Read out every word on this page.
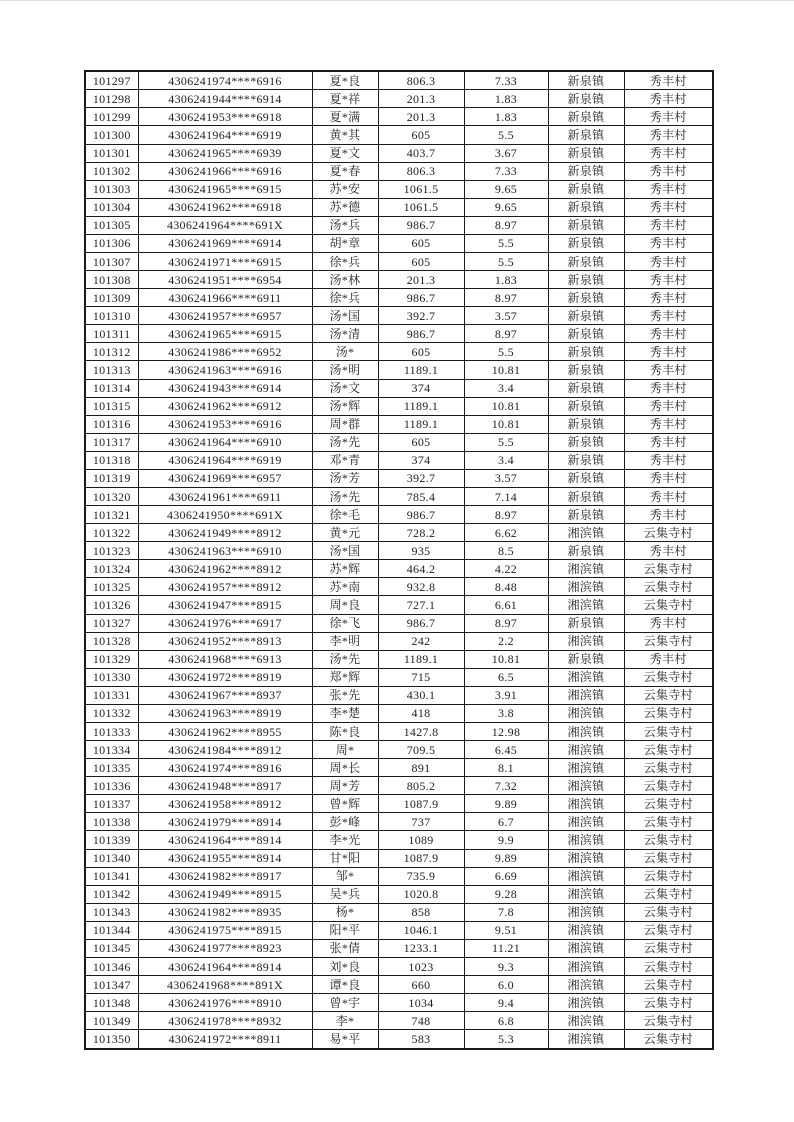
101297	4306241974****6916	夏*良	806.3	7.33	新泉镇	秀丰村
101298	4306241944****6914	夏*祥	201.3	1.83	新泉镇	秀丰村
101299	4306241953****6918	夏*满	201.3	1.83	新泉镇	秀丰村
101300	4306241964****6919	黄*其	605	5.5	新泉镇	秀丰村
101301	4306241965****6939	夏*文	403.7	3.67	新泉镇	秀丰村
101302	4306241966****6916	夏*春	806.3	7.33	新泉镇	秀丰村
101303	4306241965****6915	苏*安	1061.5	9.65	新泉镇	秀丰村
101304	4306241962****6918	苏*德	1061.5	9.65	新泉镇	秀丰村
101305	4306241964****691X	汤*兵	986.7	8.97	新泉镇	秀丰村
101306	4306241969****6914	胡*章	605	5.5	新泉镇	秀丰村
101307	4306241971****6915	徐*兵	605	5.5	新泉镇	秀丰村
101308	4306241951****6954	汤*林	201.3	1.83	新泉镇	秀丰村
101309	4306241966****6911	徐*兵	986.7	8.97	新泉镇	秀丰村
101310	4306241957****6957	汤*国	392.7	3.57	新泉镇	秀丰村
101311	4306241965****6915	汤*清	986.7	8.97	新泉镇	秀丰村
101312	4306241986****6952	汤*	605	5.5	新泉镇	秀丰村
101313	4306241963****6916	汤*明	1189.1	10.81	新泉镇	秀丰村
101314	4306241943****6914	汤*文	374	3.4	新泉镇	秀丰村
101315	4306241962****6912	汤*辉	1189.1	10.81	新泉镇	秀丰村
101316	4306241953****6916	周*群	1189.1	10.81	新泉镇	秀丰村
101317	4306241964****6910	汤*先	605	5.5	新泉镇	秀丰村
101318	4306241964****6919	邓*青	374	3.4	新泉镇	秀丰村
101319	4306241969****6957	汤*芳	392.7	3.57	新泉镇	秀丰村
101320	4306241961****6911	汤*先	785.4	7.14	新泉镇	秀丰村
101321	4306241950****691X	徐*毛	986.7	8.97	新泉镇	秀丰村
101322	4306241949****8912	黄*元	728.2	6.62	湘滨镇	云集寺村
101323	4306241963****6910	汤*国	935	8.5	新泉镇	秀丰村
101324	4306241962****8912	苏*辉	464.2	4.22	湘滨镇	云集寺村
101325	4306241957****8912	苏*南	932.8	8.48	湘滨镇	云集寺村
101326	4306241947****8915	周*良	727.1	6.61	湘滨镇	云集寺村
101327	4306241976****6917	徐*飞	986.7	8.97	新泉镇	秀丰村
101328	4306241952****8913	李*明	242	2.2	湘滨镇	云集寺村
101329	4306241968****6913	汤*先	1189.1	10.81	新泉镇	秀丰村
101330	4306241972****8919	郑*辉	715	6.5	湘滨镇	云集寺村
101331	4306241967****8937	张*先	430.1	3.91	湘滨镇	云集寺村
101332	4306241963****8919	李*楚	418	3.8	湘滨镇	云集寺村
101333	4306241962****8955	陈*良	1427.8	12.98	湘滨镇	云集寺村
101334	4306241984****8912	周*	709.5	6.45	湘滨镇	云集寺村
101335	4306241974****8916	周*长	891	8.1	湘滨镇	云集寺村
101336	4306241948****8917	周*芳	805.2	7.32	湘滨镇	云集寺村
101337	4306241958****8912	曾*辉	1087.9	9.89	湘滨镇	云集寺村
101338	4306241979****8914	彭*峰	737	6.7	湘滨镇	云集寺村
101339	4306241964****8914	李*光	1089	9.9	湘滨镇	云集寺村
101340	4306241955****8914	甘*阳	1087.9	9.89	湘滨镇	云集寺村
101341	4306241982****8917	邹*	735.9	6.69	湘滨镇	云集寺村
101342	4306241949****8915	吴*兵	1020.8	9.28	湘滨镇	云集寺村
101343	4306241982****8935	杨*	858	7.8	湘滨镇	云集寺村
101344	4306241975****8915	阳*平	1046.1	9.51	湘滨镇	云集寺村
101345	4306241977****8923	张*倩	1233.1	11.21	湘滨镇	云集寺村
101346	4306241964****8914	刘*良	1023	9.3	湘滨镇	云集寺村
101347	4306241968****891X	谭*良	660	6.0	湘滨镇	云集寺村
101348	4306241976****8910	曾*宇	1034	9.4	湘滨镇	云集寺村
101349	4306241978****8932	李*	748	6.8	湘滨镇	云集寺村
101350	4306241972****8911	易*平	583	5.3	湘滨镇	云集寺村
